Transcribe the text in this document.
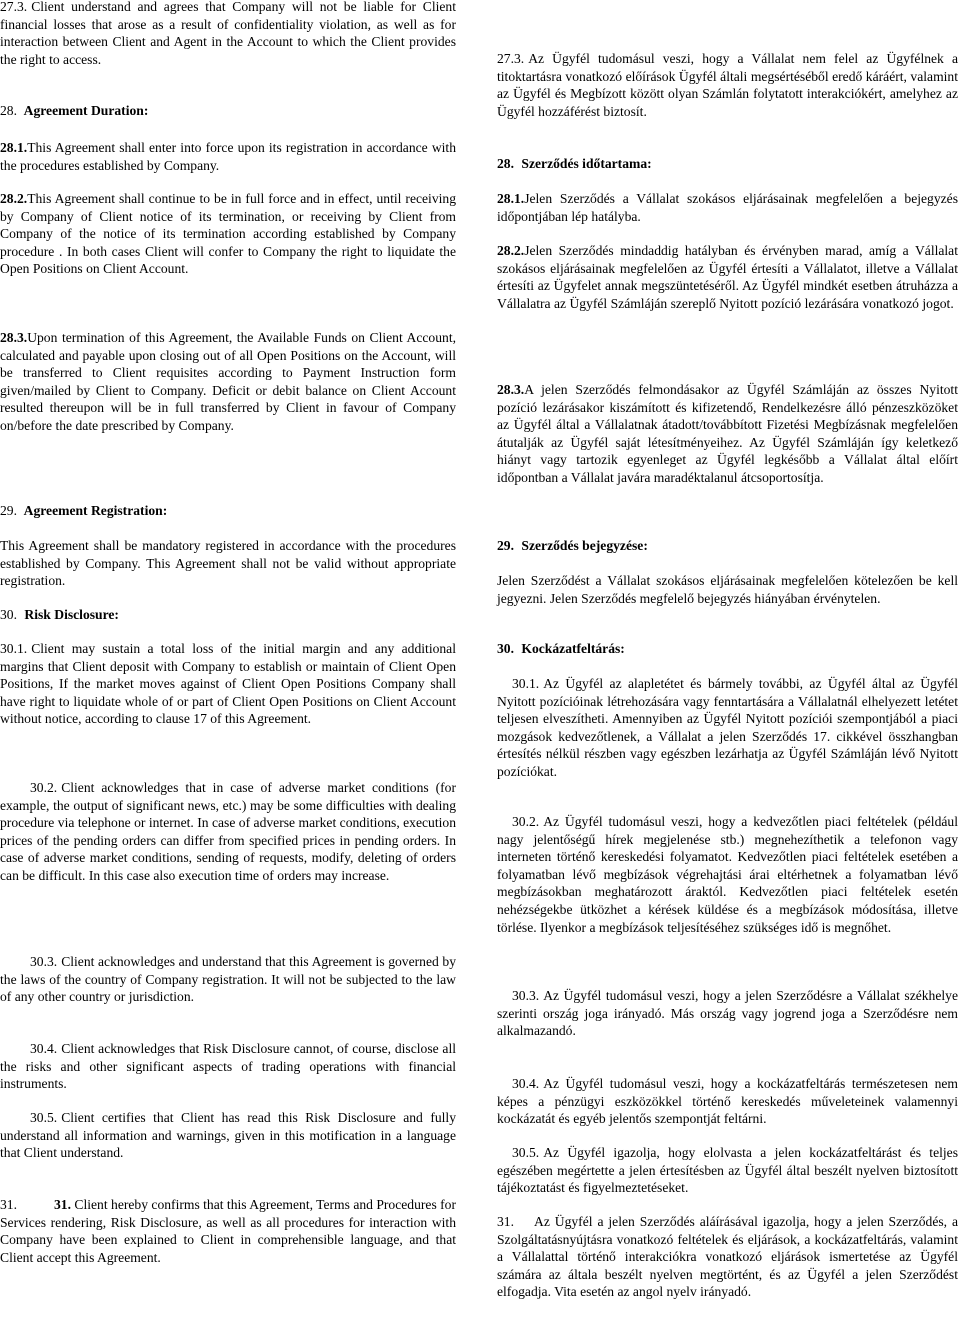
27.3. Client understand and agrees that Company will not be liable for Client financial losses that arose as a result of confidentiality violation, as well as for interaction between Client and Agent in the Account to which the Client provides the right to access.

28. Agreement Duration:

28.1.This Agreement shall enter into force upon its registration in accordance with the procedures established by Company.

28.2.This Agreement shall continue to be in full force and in effect, until receiving by Company of Client notice of its termination, or receiving by Client from Company of the notice of its termination according established by Company procedure . In both cases Client will confer to Company the right to liquidate the Open Positions on Client Account.

28.3.Upon termination of this Agreement, the Available Funds on Client Account, calculated and payable upon closing out of all Open Positions on the Account, will be transferred to Client requisites according to Payment Instruction form given/mailed by Client to Company. Deficit or debit balance on Client Account resulted thereupon will be in full transferred by Client in favour of Company on/before the date prescribed by Company.

29. Agreement Registration:

This Agreement shall be mandatory registered in accordance with the procedures established by Company. This Agreement shall not be valid without appropriate registration.

30. Risk Disclosure:

30.1. Client may sustain a total loss of the initial margin and any additional margins that Client deposit with Company to establish or maintain of Client Open Positions, If the market moves against of Client Open Positions Company shall have right to liquidate whole of or part of Client Open Positions on Client Account without notice, according to clause 17 of this Agreement.

30.2. Client acknowledges that in case of adverse market conditions (for example, the output of significant news, etc.) may be some difficulties with dealing procedure via telephone or internet. In case of adverse market conditions, execution prices of the pending orders can differ from specified prices in pending orders. In case of adverse market conditions, sending of requests, modify, deleting of orders can be difficult. In this case also execution time of orders may increase.

30.3. Client acknowledges and understand that this Agreement is governed by the laws of the country of Company registration. It will not be subjected to the law of any other country or jurisdiction.

30.4. Client acknowledges that Risk Disclosure cannot, of course, disclose all the risks and other significant aspects of trading operations with financial instruments.

30.5. Client certifies that Client has read this Risk Disclosure and fully understand all information and warnings, given in this motification in a language that Client understand.

31.	31. Client hereby confirms that this Agreement, Terms and Procedures for Services rendering, Risk Disclosure, as well as all procedures for interaction with Company have been explained to Client in comprehensible language, and that Client accept this Agreement.

27.3. Az Ügyfél tudomásul veszi, hogy a Vállalat nem felel az Ügyfélnek a titoktartásra vonatkozó előírások Ügyfél általi megsértéséből eredő káráért, valamint az Ügyfél és Megbízott között olyan Számlán folytatott interakciókért, amelyhez az Ügyfél hozzáférést biztosít.

28. Szerződés időtartama:

28.1.Jelen Szerződés a Vállalat szokásos eljárásainak megfelelően a bejegyzés időpontjában lép hatályba.

28.2.Jelen Szerződés mindaddig hatályban és érvényben marad, amíg a Vállalat szokásos eljárásainak megfelelően az Ügyfél értesíti a Vállalatot, illetve a Vállalat értesíti az Ügyfelet annak megszüntetéséről. Az Ügyfél mindkét esetben átruházza a Vállalatra az Ügyfél Számláján szereplő Nyitott pozíció lezárására vonatkozó jogot.

28.3.A jelen Szerződés felmondásakor az Ügyfél Számláján az összes Nyitott pozíció lezárásakor kiszámított és kifizetendő, Rendelkezésre álló pénzeszközöket az Ügyfél által a Vállalatnak átadott/továbbított Fizetési Megbízásnak megfelelően átutalják az Ügyfél saját létesítményeihez. Az Ügyfél Számláján így keletkező hiányt vagy tartozik egyenleget az Ügyfél legkésőbb a Vállalat által előírt időpontban a Vállalat javára maradéktalanul átcsoportosítja.

29. Szerződés bejegyzése:

Jelen Szerződést a Vállalat szokásos eljárásainak megfelelően kötelezően be kell jegyezni. Jelen Szerződés megfelelő bejegyzés hiányában érvénytelen.

30. Kockázatfeltárás:

30.1. Az Ügyfél az alapletétet és bármely további, az Ügyfél által az Ügyfél Nyitott pozícióinak létrehozására vagy fenntartására a Vállalatnál elhelyezett letétet teljesen elveszítheti. Amennyiben az Ügyfél Nyitott pozíciói szempontjából a piaci mozgások kedvezőtlenek, a Vállalat a jelen Szerződés 17. cikkével összhangban értesítés nélkül részben vagy egészben lezárhatja az Ügyfél Számláján lévő Nyitott pozíciókat.

30.2. Az Ügyfél tudomásul veszi, hogy a kedvezőtlen piaci feltételek (például nagy jelentőségű hírek megjelenése stb.) megnehezíthetik a telefonon vagy interneten történő kereskedési folyamatot. Kedvezőtlen piaci feltételek esetében a folyamatban lévő megbízások végrehajtási árai eltérhetnek a folyamatban lévő megbízásokban meghatározott áraktól. Kedvezőtlen piaci feltételek esetén nehézségekbe ütközhet a kérések küldése és a megbízások módosítása, illetve törlése. Ilyenkor a megbízások teljesítéséhez szükséges idő is megnőhet.

30.3. Az Ügyfél tudomásul veszi, hogy a jelen Szerződésre a Vállalat székhelye szerinti ország joga irányadó. Más ország vagy jogrend joga a Szerződésre nem alkalmazandó.

30.4. Az Ügyfél tudomásul veszi, hogy a kockázatfeltárás természetesen nem képes a pénzügyi eszközökkel történő kereskedés műveleteinek valamennyi kockázatát és egyéb jelentős szempontját feltárni.

30.5. Az Ügyfél igazolja, hogy elolvasta a jelen kockázatfeltárást és teljes egészében megértette a jelen értesítésben az Ügyfél által beszélt nyelven biztosított tájékoztatást és figyelmeztetéseket.

31. Az Ügyfél a jelen Szerződés aláírásával igazolja, hogy a jelen Szerződés, a Szolgáltatásnyújtásra vonatkozó feltételek és eljárások, a kockázatfeltárás, valamint a Vállalattal történő interakciókra vonatkozó eljárások ismertetése az Ügyfél számára az általa beszélt nyelven megtörtént, és az Ügyfél a jelen Szerződést elfogadja. Vita esetén az angol nyelv irányadó.
